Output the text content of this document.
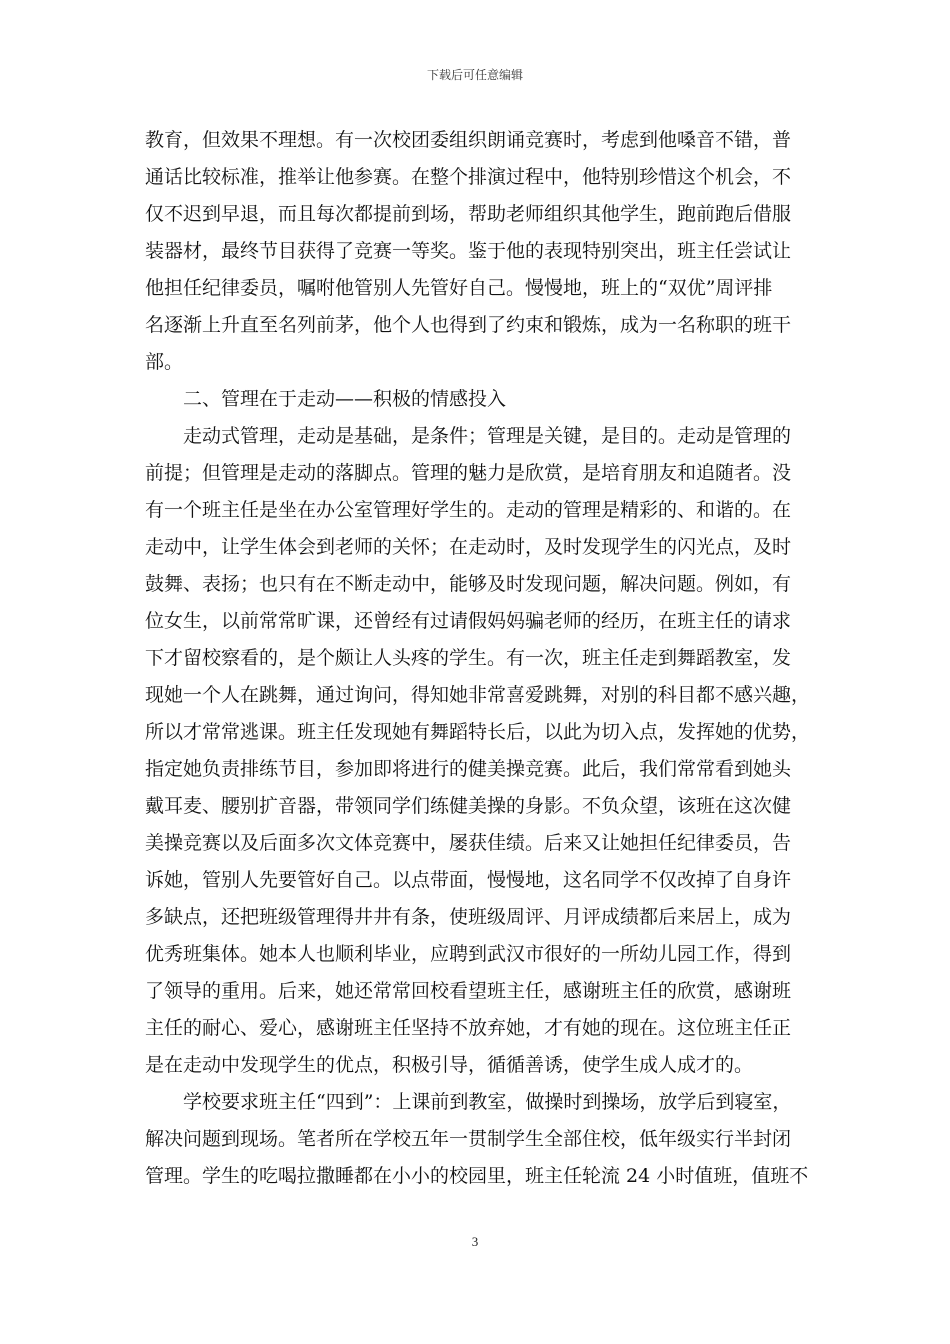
下载后可任意编辑
教育，但效果不理想。有一次校团委组织朗诵竞赛时，考虑到他嗓音不错，普
通话比较标准，推举让他参赛。在整个排演过程中，他特别珍惜这个机会，不
仅不迟到早退，而且每次都提前到场，帮助老师组织其他学生，跑前跑后借服
装器材，最终节目获得了竞赛一等奖。鉴于他的表现特别突出，班主任尝试让
他担任纪律委员，嘱咐他管别人先管好自己。慢慢地，班上的“双优”周评排
名逐渐上升直至名列前茅，他个人也得到了约束和锻炼，成为一名称职的班干
部。
二、管理在于走动——积极的情感投入
走动式管理，走动是基础，是条件；管理是关键，是目的。走动是管理的
前提；但管理是走动的落脚点。管理的魅力是欣赏，是培育朋友和追随者。没
有一个班主任是坐在办公室管理好学生的。走动的管理是精彩的、和谐的。在
走动中，让学生体会到老师的关怀；在走动时，及时发现学生的闪光点，及时
鼓舞、表扬；也只有在不断走动中，能够及时发现问题，解决问题。例如，有
位女生，以前常常旷课，还曾经有过请假妈妈骗老师的经历，在班主任的请求
下才留校察看的，是个颇让人头疼的学生。有一次，班主任走到舞蹈教室，发
现她一个人在跳舞，通过询问，得知她非常喜爱跳舞，对别的科目都不感兴趣，
所以才常常逃课。班主任发现她有舞蹈特长后，以此为切入点，发挥她的优势，
指定她负责排练节目，参加即将进行的健美操竞赛。此后，我们常常看到她头
戴耳麦、腰别扩音器，带领同学们练健美操的身影。不负众望，该班在这次健
美操竞赛以及后面多次文体竞赛中，屡获佳绩。后来又让她担任纪律委员，告
诉她，管别人先要管好自己。以点带面，慢慢地，这名同学不仅改掉了自身许
多缺点，还把班级管理得井井有条，使班级周评、月评成绩都后来居上，成为
优秀班集体。她本人也顺利毕业，应聘到武汉市很好的一所幼儿园工作，得到
了领导的重用。后来，她还常常回校看望班主任，感谢班主任的欣赏，感谢班
主任的耐心、爱心，感谢班主任坚持不放弃她，才有她的现在。这位班主任正
是在走动中发现学生的优点，积极引导，循循善诱，使学生成人成才的。
学校要求班主任“四到”：上课前到教室，做操时到操场，放学后到寝室，
解决问题到现场。笔者所在学校五年一贯制学生全部住校，低年级实行半封闭
管理。学生的吃喝拉撒睡都在小小的校园里，班主任轮流 24 小时值班，值班不
3
